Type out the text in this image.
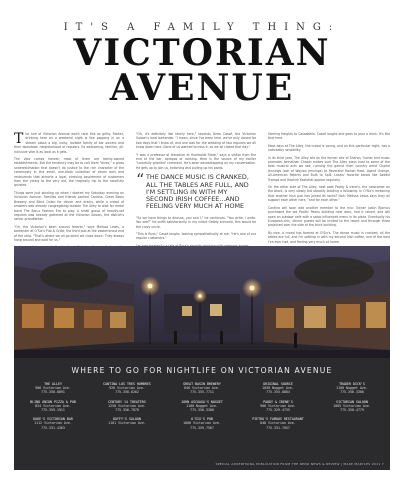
IT'S A FAMILY THING:
VICTORIAN
AVENUE

The lure of Victorian Avenue won't rank this as gritty. Rather, drinking here on a weekend night is like popping in on a stream about a big, noisy, lovable family of bar owners and their downtown neighborhood of regulars. Its welcoming, familiar, all-inclusive vibe is as local as it gets.

The vibe comes honest; most of them are family-owned establishments. But the tendency may be to call them "dives," a gross underestimation that doesn't do justice to the rich character of the community in this small, one-block collection of seven bars and restaurants that attracts a loyal, evolving assortment of customers from the young to the very old, the tragically hip to the colorfully grizzled.

Things were just winding up when I started my Saturday evening on Victorian Avenue. Families and friends packed Cantina, Great Basin Brewery and Blind Onion for dinner and drinks, while a crowd of smokers was already congregating outside The Alley to wait for metal band The Bon-s Fashion Era to play. A small group of heavily-set regulars was already gathered at the Victorian Saloon, the district's senior grandfather.

"Oh, the Victorian's been around forever," says Melissa Lewis, a bartender at O'Six's Pub & Grille, the third pub at the easternmost end of the strip. "That's where we all go when we close down. They always hang around and wait for us."

"Oh, it's definitely like family here," seconds Drew Cassé, the Victorian Saloon's local bartender. "I mean, since I've been here, we've only closed for two days that I know of, and one was for the wedding of two regulars we all know down here. None of us wanted to miss it, so we all closed that day."

"I was a professor of literature at Humboldt State," says a visitor from the end of the bar, apropos of nothing. Here is the source of my earlier "colorfully grizzled" comment. He's been eavesdropping on my conversation. He gets up to join us, twitching and pulling up his pants.

“ THE DANCE MUSIC IS CRANKED, ALL THE TABLES ARE FULL, AND I'M SETTLING IN WITH MY SECOND IRISH COFFEE...AND FEELING VERY MUCH AT HOME

"So we have things to discuss, you and I," he continues. "You write, I write. You see?" He sniffs satisfactorily. In my infant Geddy scenario, this would be the crazy uncle.

"This is Russ," Cassé laughs, looking sympathetically at me. "He's one of our regular customers."

Sterling Heights to Cassabella. Cassé laughs and goes to pour a drink. It's like that here.

Most days at The Alley, the crowd is young, and on this particular night, has a noticeably sensibility.

In its third year, The Alley sits on the former site of Sharon, Owner and music promoter Johnathan Chapin makes sure The Alley plays host to some of the best musical acts we see, running the gamut from country artist Charlie Jennings (son of Waylon Jennings) to Reverend Horton Heat, Agent Orange, All-American Rejects and Built to Spill. Locals' favorite bands like Saddle Tramps and Hopkirk Kozlofski appear regularly.

On the other side of The Alley, next past Paddy & Irene's, the newcomer on the block, is very slowly but steadily building a following. In O'Six's reckoning that another Irish pub has joined its ranks? Nah. Melissa Lewis says they all support each other here, "and for each other."

Cantina will soon add another member to the mix: Owner Justin Bjornus purchased the old Pacific Pearls building next door, had it raised, and will open an outdoor cafe with a salsa-influenced menu in its place. Eventually his European-chic, dinner guests will be invited to the resort and through three projected over the side of the brick building.

By now, a crowd has formed at O'Six's. The dance music is cranked, all the tables are full, and I'm settling in with my second Irish coffee, one of the best I've ever had, and feeling very much at home.

WHERE TO GO FOR NIGHTLIFE ON VICTORIAN AVENUE
THE ALLEY
906 Victorian Ave.
775-358-8891
BLIND ONION PIZZA & PUB
834 Victorian Ave.
775-359-1911
DUKE'S VICTORIAN BAR
1112 Victorian Ave.
775-331-4363
CANTINA LOS TRES HOMBRES
926 Victorian Ave.
775-356-6262
CENTURY 14 THEATERS
1250 Victorian Ave.
775-356-7878
DUFFY'S SALOON
1101 Victorian Ave.
GREAT BASIN BREWERY
846 Victorian Ave.
775-355-7711
JOHN ASCUAGA'S NUGGET
1100 Nugget Ave.
775-356-3300
O'SIX'S PUB
1006 Victorian Ave.
775-359-7567
ORIGINAL SOURCE
1030 Nugget Ave.
775-355-8884
PADDY & IRENE'S
906 Victorian Ave.
775-329-4735
PIETRO'S FAMOUS RESTAURANT
848 Victorian Ave.
775-331-7057
TRADER DICK'S
1100 Nugget Ave.
775-356-3300
VICTORIAN SALOON
1005 Victorian Ave.
775-358-4779
SPECIAL ADVERTISING PUBLICATION FROM THE RENO NEWS & REVIEW | MAKE MARYLES 2011 7
